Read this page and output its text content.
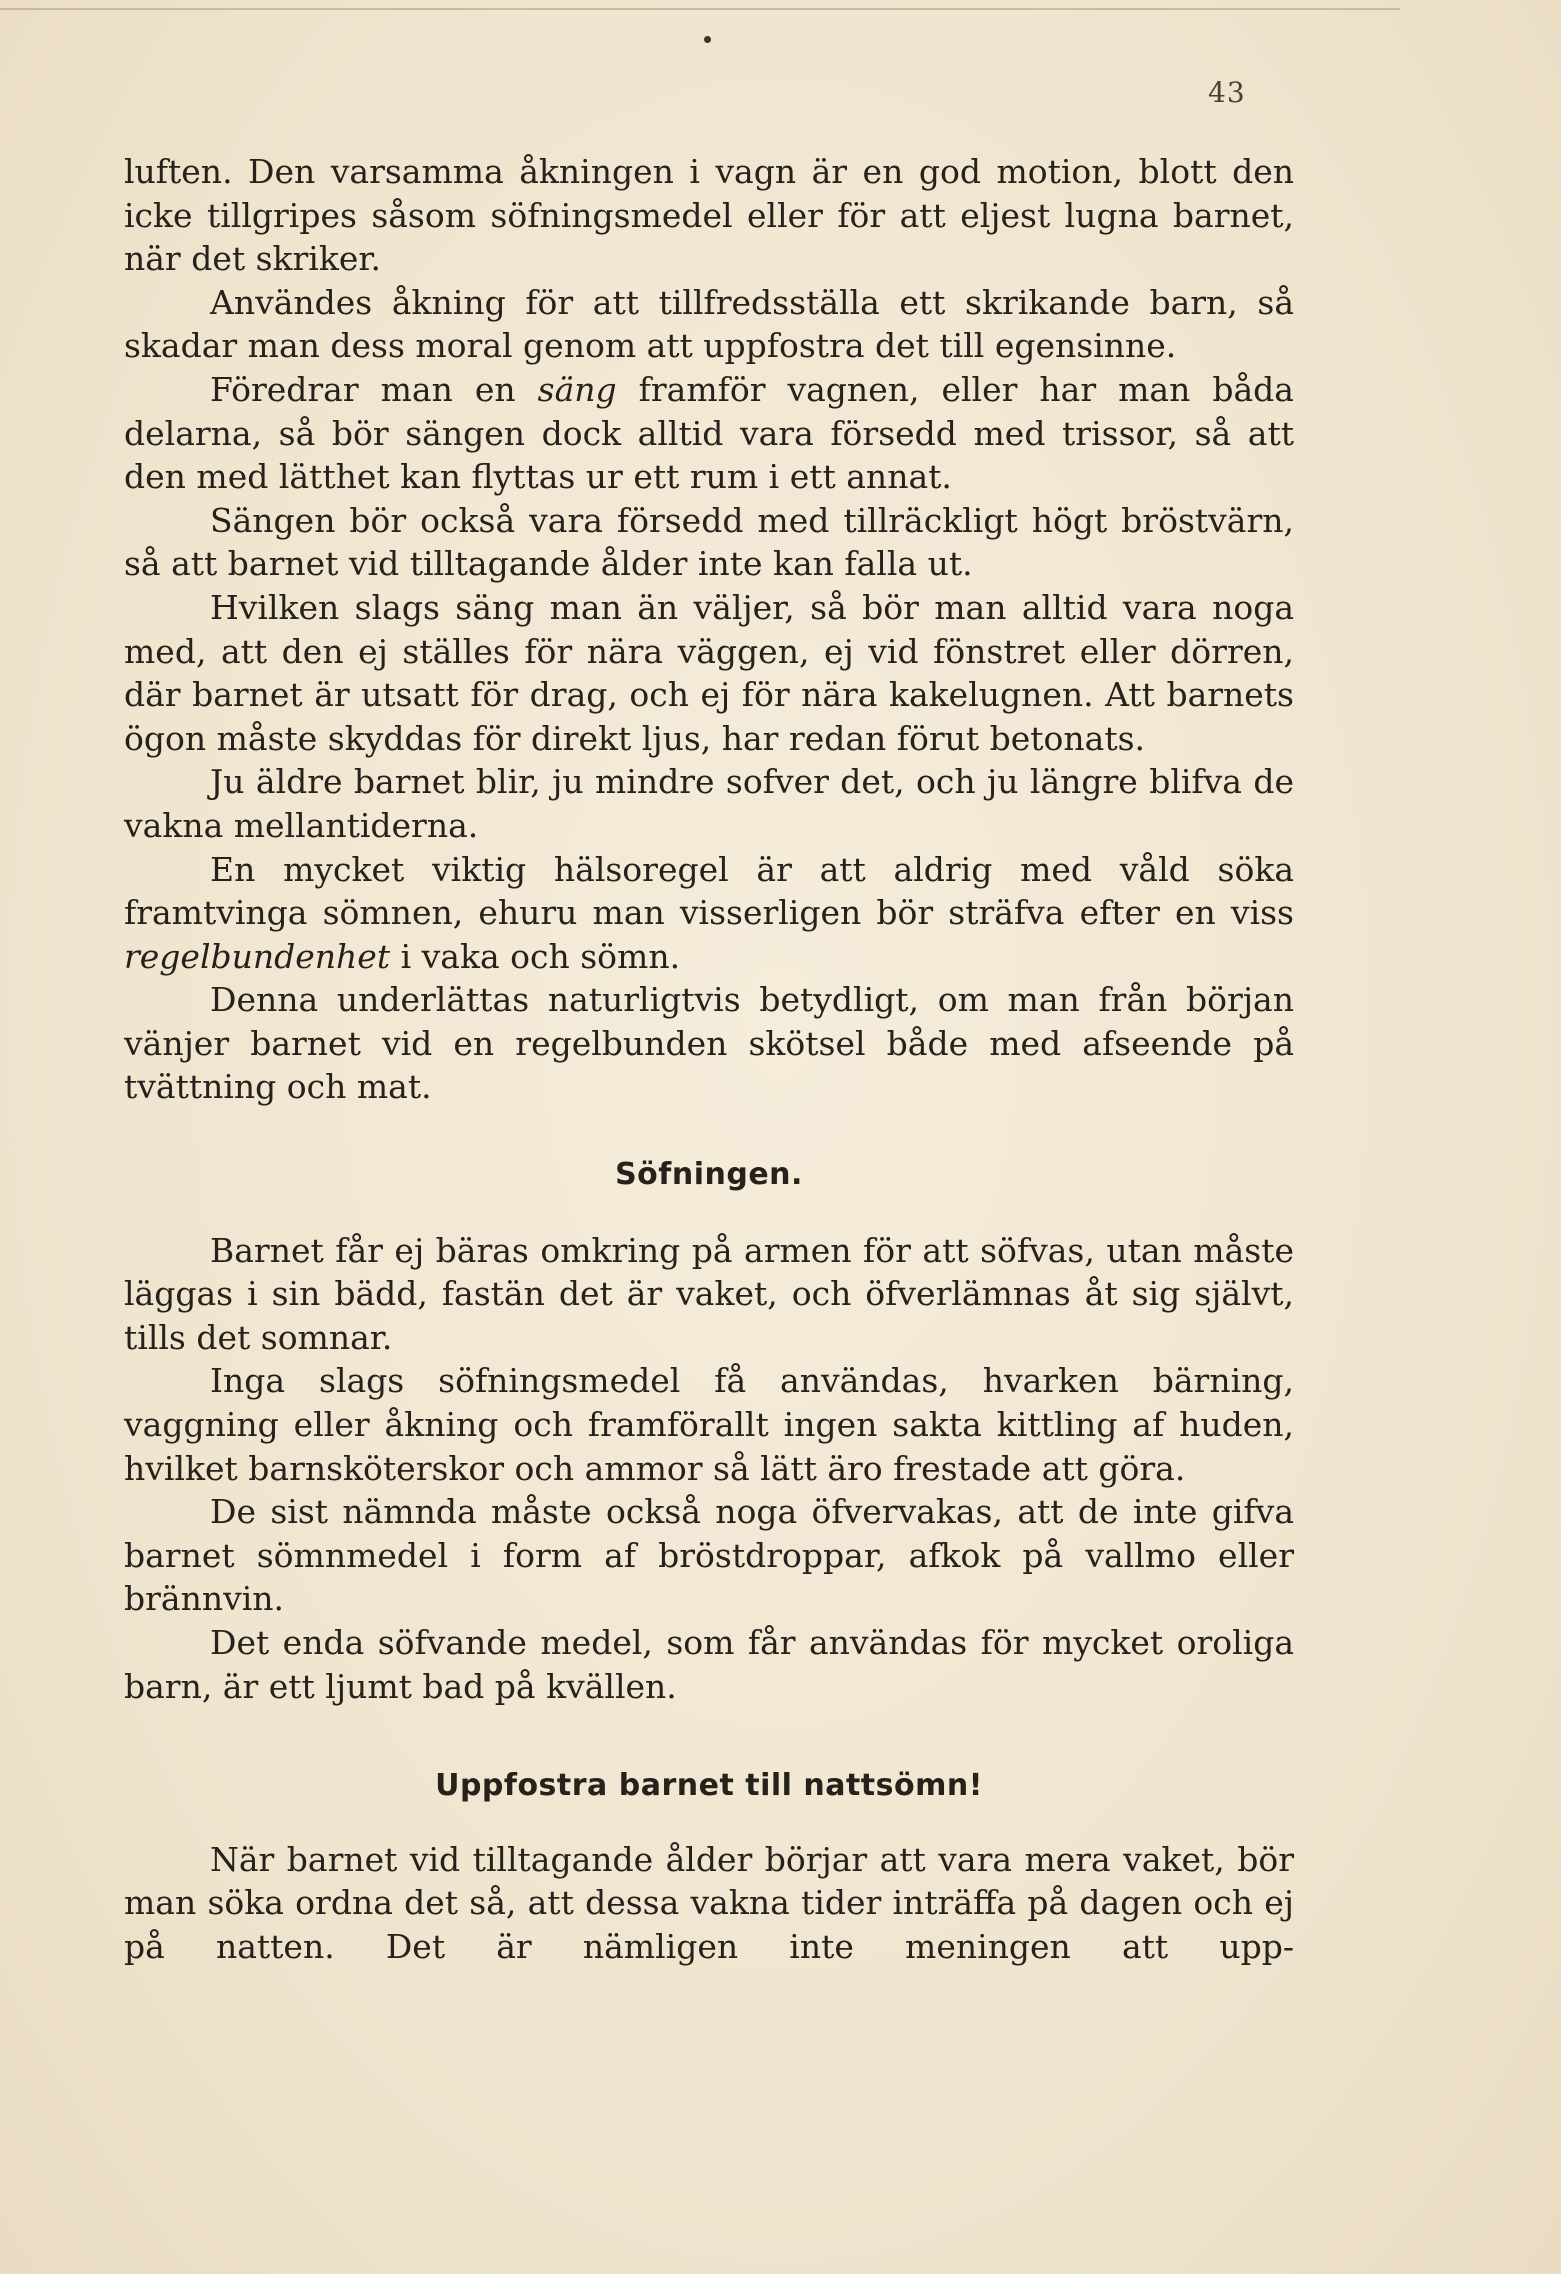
43

luften. Den varsamma åkningen i vagn är en god motion, blott den icke tillgripes såsom söfningsmedel eller för att eljest lugna barnet, när det skriker.

Användes åkning för att tillfredsställa ett skrikande barn, så skadar man dess moral genom att uppfostra det till egensinne.

Föredrar man en säng framför vagnen, eller har man båda delarna, så bör sängen dock alltid vara försedd med trissor, så att den med lätthet kan flyttas ur ett rum i ett annat.

Sängen bör också vara försedd med tillräckligt högt bröstvärn, så att barnet vid tilltagande ålder inte kan falla ut.

Hvilken slags säng man än väljer, så bör man alltid vara noga med, att den ej ställes för nära väggen, ej vid fönstret eller dörren, där barnet är utsatt för drag, och ej för nära kakelugnen. Att barnets ögon måste skyddas för direkt ljus, har redan förut betonats.

Ju äldre barnet blir, ju mindre sofver det, och ju längre blifva de vakna mellantiderna.

En mycket viktig hälsoregel är att aldrig med våld söka framtvinga sömnen, ehuru man visserligen bör sträfva efter en viss regelbundenhet i vaka och sömn.

Denna underlättas naturligtvis betydligt, om man från början vänjer barnet vid en regelbunden skötsel både med afseende på tvättning och mat.

Söfningen.

Barnet får ej bäras omkring på armen för att söfvas, utan måste läggas i sin bädd, fastän det är vaket, och öfverlämnas åt sig självt, tills det somnar.

Inga slags söfningsmedel få användas, hvarken bärning, vaggning eller åkning och framförallt ingen sakta kittling af huden, hvilket barnsköterskor och ammor så lätt äro frestade att göra.

De sist nämnda måste också noga öfvervakas, att de inte gifva barnet sömnmedel i form af bröstdroppar, afkok på vallmo eller brännvin.

Det enda söfvande medel, som får användas för mycket oroliga barn, är ett ljumt bad på kvällen.

Uppfostra barnet till nattsömn!

När barnet vid tilltagande ålder börjar att vara mera vaket, bör man söka ordna det så, att dessa vakna tider inträffa på dagen och ej på natten. Det är nämligen inte meningen att upp-
